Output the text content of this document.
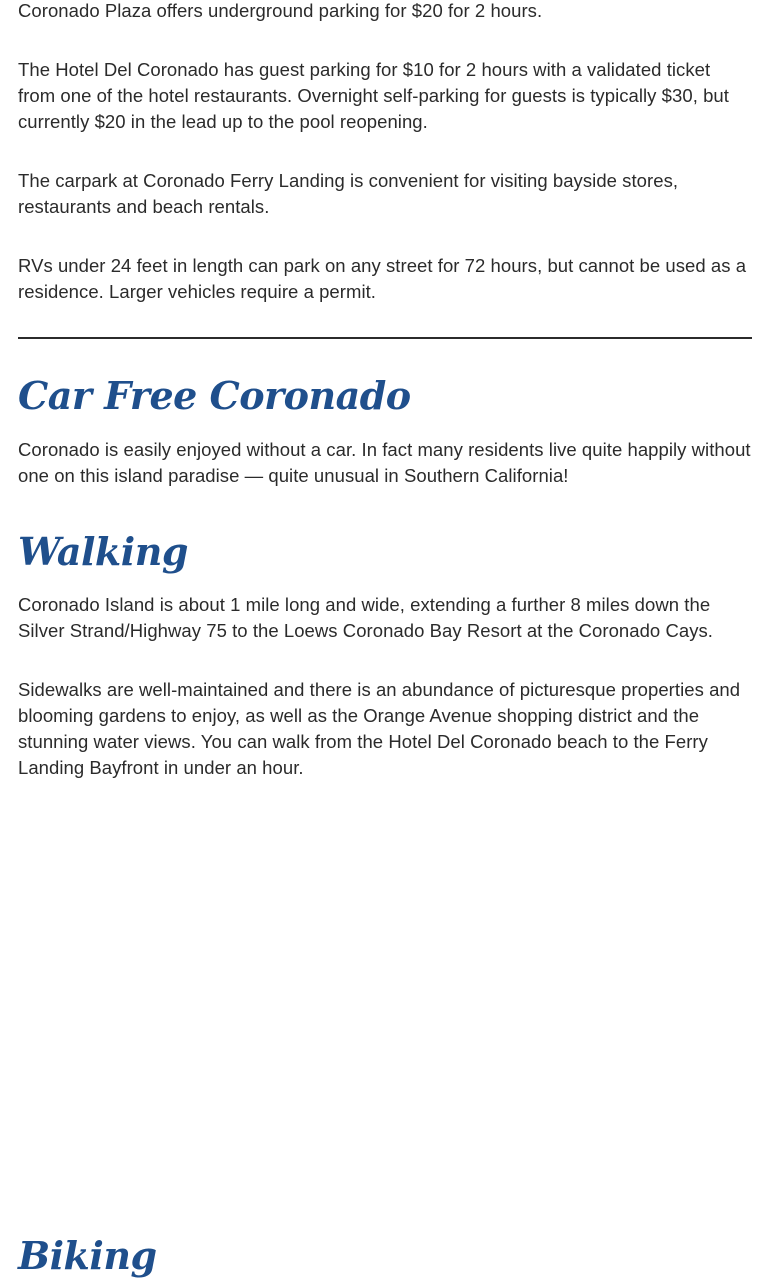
Coronado Plaza offers underground parking for $20 for 2 hours.

The Hotel Del Coronado has guest parking for $10 for 2 hours with a validated ticket from one of the hotel restaurants. Overnight self-parking for guests is typically $30, but currently $20 in the lead up to the pool reopening.

The carpark at Coronado Ferry Landing is convenient for visiting bayside stores, restaurants and beach rentals.

RVs under 24 feet in length can park on any street for 72 hours, but cannot be used as a residence. Larger vehicles require a permit.

Car Free Coronado

Coronado is easily enjoyed without a car. In fact many residents live quite happily without one on this island paradise — quite unusual in Southern California!

Walking

Coronado Island is about 1 mile long and wide, extending a further 8 miles down the Silver Strand/Highway 75 to the Loews Coronado Bay Resort at the Coronado Cays.

Sidewalks are well-maintained and there is an abundance of picturesque properties and blooming gardens to enjoy, as well as the Orange Avenue shopping district and the stunning water views. You can walk from the Hotel Del Coronado beach to the Ferry Landing Bayfront in under an hour.

Biking
